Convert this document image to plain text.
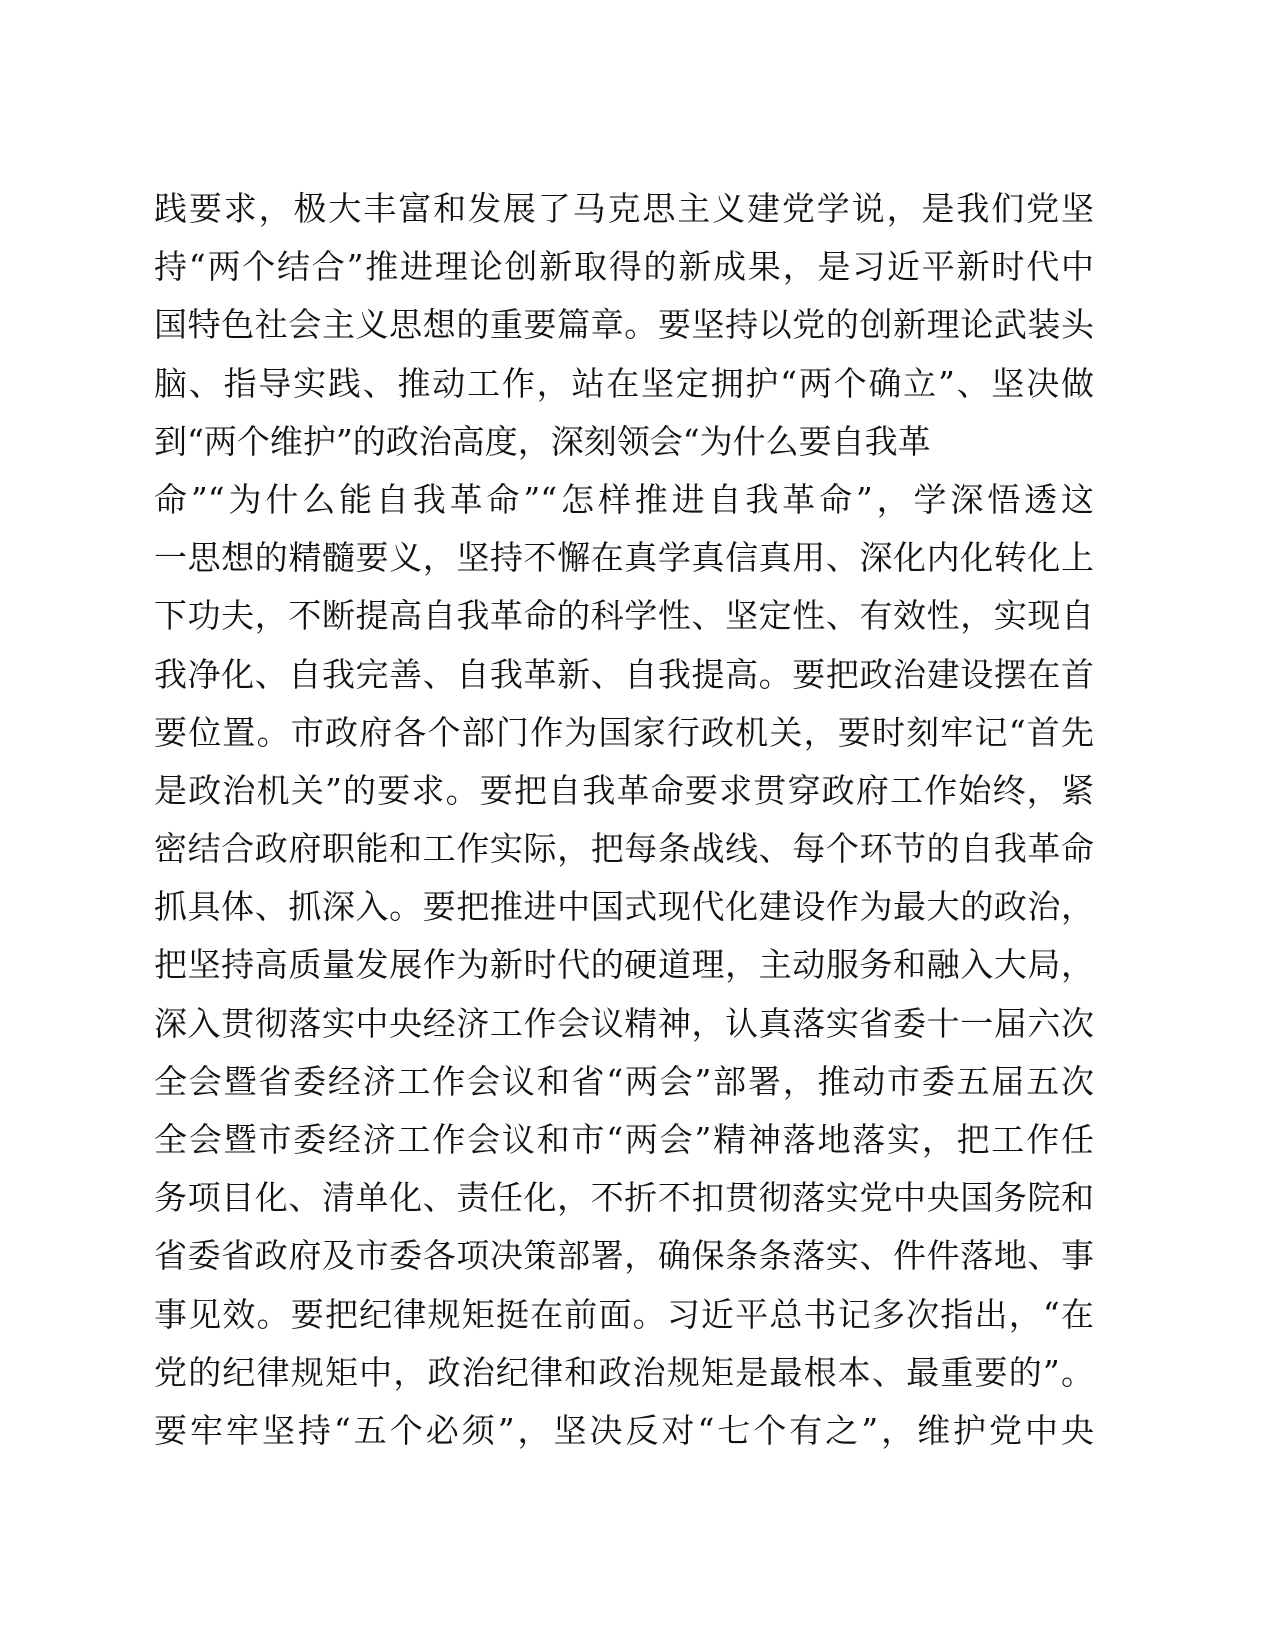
践要求，极大丰富和发展了马克思主义建党学说，是我们党坚
持“两个结合”推进理论创新取得的新成果，是习近平新时代中
国特色社会主义思想的重要篇章。要坚持以党的创新理论武装头
脑、指导实践、推动工作，站在坚定拥护“两个确立”、坚决做
到“两个维护”的政治高度，深刻领会“为什么要自我革
命”“为什么能自我革命”“怎样推进自我革命”，学深悟透这
一思想的精髓要义，坚持不懈在真学真信真用、深化内化转化上
下功夫，不断提高自我革命的科学性、坚定性、有效性，实现自
我净化、自我完善、自我革新、自我提高。要把政治建设摆在首
要位置。市政府各个部门作为国家行政机关，要时刻牢记“首先
是政治机关”的要求。要把自我革命要求贯穿政府工作始终，紧
密结合政府职能和工作实际，把每条战线、每个环节的自我革命
抓具体、抓深入。要把推进中国式现代化建设作为最大的政治，
把坚持高质量发展作为新时代的硬道理，主动服务和融入大局，
深入贯彻落实中央经济工作会议精神，认真落实省委十一届六次
全会暨省委经济工作会议和省“两会”部署，推动市委五届五次
全会暨市委经济工作会议和市“两会”精神落地落实，把工作任
务项目化、清单化、责任化，不折不扣贯彻落实党中央国务院和
省委省政府及市委各项决策部署，确保条条落实、件件落地、事
事见效。要把纪律规矩挺在前面。习近平总书记多次指出，“在
党的纪律规矩中，政治纪律和政治规矩是最根本、最重要的”。
要牢牢坚持“五个必须”，坚决反对“七个有之”，维护党中央
